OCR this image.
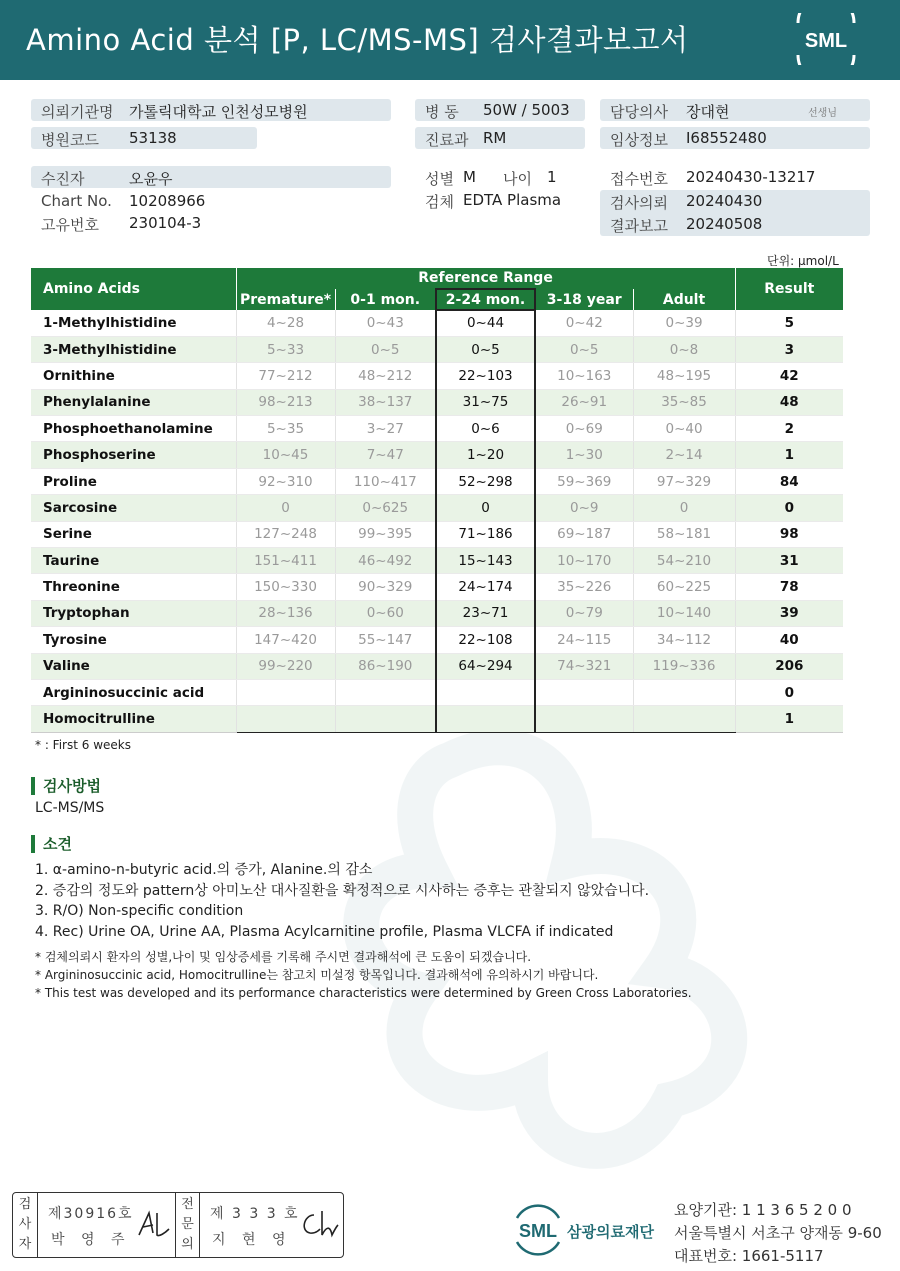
Amino Acid 분석 [P, LC/MS-MS] 검사결과보고서	SML
의뢰기관명 가톨릭대학교 인천성모병원
병원코드 53138
수진자	오윤우
Chart No. 10208966
고유번호 230104-3
병 동 50W / 5003
진료과 RM
성별 M 나이 1
검체 EDTA Plasma
담당의사 장대현	선생님
임상정보 I68552480
접수번호 20240430-13217
검사의뢰 20240430
결과보고 20240508
단위: μmol/L
Amino Acids	Reference Range					Result
	Premature*	0-1 mon.	2-24 mon.	3-18 year	Adult	
1-Methylhistidine	4~28	0~43	0~44	0~42	0~39	5
3-Methylhistidine	5~33	0~5	0~5	0~5	0~8	3
Ornithine	77~212	48~212	22~103	10~163	48~195	42
Phenylalanine	98~213	38~137	31~75	26~91	35~85	48
Phosphoethanolamine	5~35	3~27	0~6	0~69	0~40	2
Phosphoserine	10~45	7~47	1~20	1~30	2~14	1
Proline	92~310	110~417	52~298	59~369	97~329	84
Sarcosine	0	0~625	0	0~9	0	0
Serine	127~248	99~395	71~186	69~187	58~181	98
Taurine	151~411	46~492	15~143	10~170	54~210	31
Threonine	150~330	90~329	24~174	35~226	60~225	78
Tryptophan	28~136	0~60	23~71	0~79	10~140	39
Tyrosine	147~420	55~147	22~108	24~115	34~112	40
Valine	99~220	86~190	64~294	74~321	119~336	206
Argininosuccinic acid						0
Homocitrulline						1
* : First 6 weeks
검사방법
LC-MS/MS
소견
1. α-amino-n-butyric acid.의 증가, Alanine.의 감소
2. 증감의 정도와 pattern상 아미노산 대사질환을 확정적으로 시사하는 증후는 관찰되지 않았습니다.
3. R/O) Non-specific condition
4. Rec) Urine OA, Urine AA, Plasma Acylcarnitine profile, Plasma VLCFA if indicated
* 검체의뢰시 환자의 성별,나이 및 임상증세를 기록해 주시면 결과해석에 큰 도움이 되겠습니다.
* Argininosuccinic acid, Homocitrulline는 참고치 미설정 항목입니다. 결과해석에 유의하시기 바랍니다.
* This test was developed and its performance characteristics were determined by Green Cross Laboratories.
검
사
자
제30916호
박 영 주
전
문
의
제 3 3 3 호
지 현 영	SML 삼광의료재단
요양기관: 1 1 3 6 5 2 0 0
서울특별시 서초구 양재동 9-60
대표번호: 1661-5117
